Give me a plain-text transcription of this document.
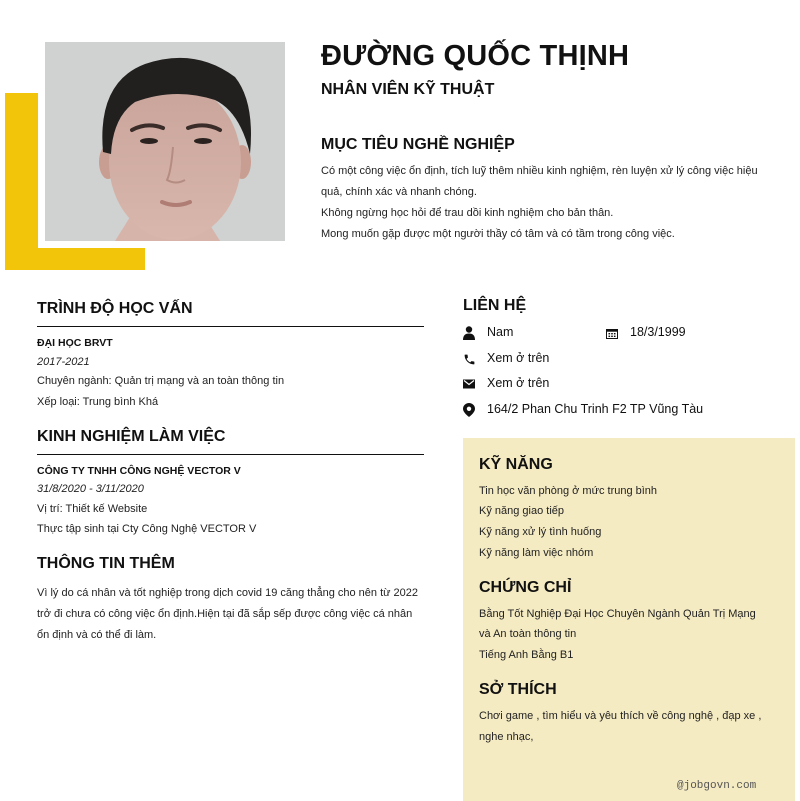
ĐƯỜNG QUỐC THỊNH
NHÂN VIÊN KỸ THUẬT
MỤC TIÊU NGHỀ NGHIỆP
Có một công việc ổn định, tích luỹ thêm nhiều kinh nghiệm, rèn luyện xử lý công việc hiệu quả, chính xác và nhanh chóng.
Không ngừng học hỏi để trau dồi kinh nghiệm cho bản thân.
Mong muốn gặp được một người thầy có tâm và có tầm trong công việc.
TRÌNH ĐỘ HỌC VẤN
ĐẠI HỌC BRVT
2017-2021
Chuyên ngành: Quản trị mạng và an toàn thông tin
Xếp loại: Trung bình Khá
KINH NGHIỆM LÀM VIỆC
CÔNG TY TNHH CÔNG NGHỆ VECTOR V
31/8/2020 - 3/11/2020
Vị trí: Thiết kế Website
Thực tập sinh tại Cty Công Nghệ VECTOR V
THÔNG TIN THÊM
Vì lý do cá nhân và tốt nghiệp trong dịch covid 19 căng thẳng cho nên từ 2022 trở đi chưa có công việc ổn định.Hiện tại đã sắp sếp được công việc cá nhân ổn định và có thể đi làm.
LIÊN HỆ
Nam	18/3/1999
Xem ở trên
Xem ở trên
164/2 Phan Chu Trinh F2 TP Vũng Tàu
KỸ NĂNG
Tin học văn phòng ở mức trung bình
Kỹ năng giao tiếp
Kỹ năng xử lý tình huống
Kỹ năng làm việc nhóm
CHỨNG CHỈ
Bằng Tốt Nghiệp Đại Học Chuyên Ngành Quản Trị Mạng
và An toàn thông tin
Tiếng Anh Bằng B1
SỞ THÍCH
Chơi game , tìm hiểu và yêu thích về công nghệ , đạp xe ,
nghe nhạc,
@jobgovn.com
